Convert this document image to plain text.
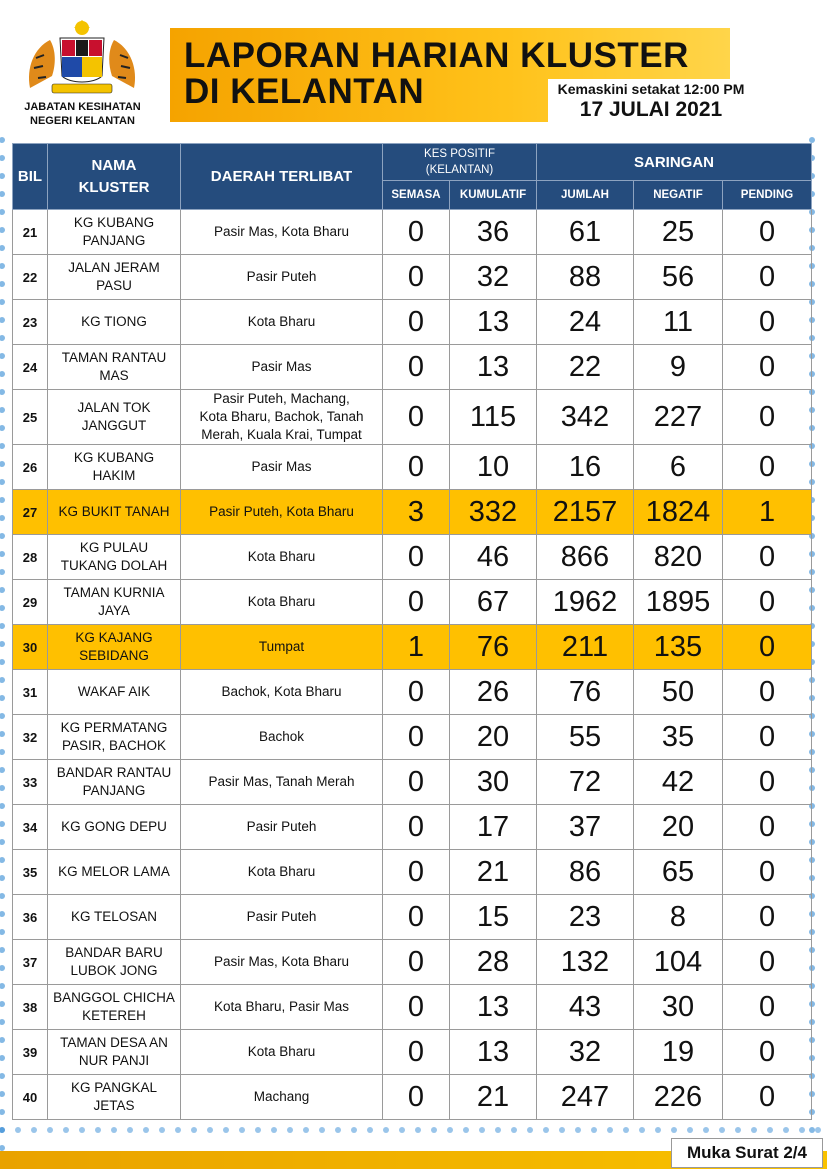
JABATAN KESIHATAN
NEGERI KELANTAN
LAPORAN HARIAN KLUSTER
DI KELANTAN	Kemaskini setakat 12:00 PM
17 JULAI 2021
BIL	NAMA
KLUSTER	DAERAH TERLIBAT	KES POSITIF
(KELANTAN)		SARINGAN		
			SEMASA	KUMULATIF	JUMLAH	NEGATIF	PENDING
21	KG KUBANG
PANJANG	Pasir Mas, Kota Bharu	0	36	61	25	0
22	JALAN JERAM
PASU	Pasir Puteh	0	32	88	56	0
23	KG TIONG	Kota Bharu	0	13	24	11	0
24	TAMAN RANTAU
MAS	Pasir Mas	0	13	22	9	0
25	JALAN TOK
JANGGUT	Pasir Puteh, Machang,
Kota Bharu, Bachok, Tanah
Merah, Kuala Krai, Tumpat	0	115	342	227	0
26	KG KUBANG
HAKIM	Pasir Mas	0	10	16	6	0
27	KG BUKIT TANAH	Pasir Puteh, Kota Bharu	3	332	2157	1824	1
28	KG PULAU
TUKANG DOLAH	Kota Bharu	0	46	866	820	0
29	TAMAN KURNIA
JAYA	Kota Bharu	0	67	1962	1895	0
30	KG KAJANG
SEBIDANG	Tumpat	1	76	211	135	0
31	WAKAF AIK	Bachok, Kota Bharu	0	26	76	50	0
32	KG PERMATANG
PASIR, BACHOK	Bachok	0	20	55	35	0
33	BANDAR RANTAU
PANJANG	Pasir Mas, Tanah Merah	0	30	72	42	0
34	KG GONG DEPU	Pasir Puteh	0	17	37	20	0
35	KG MELOR LAMA	Kota Bharu	0	21	86	65	0
36	KG TELOSAN	Pasir Puteh	0	15	23	8	0
37	BANDAR BARU
LUBOK JONG	Pasir Mas, Kota Bharu	0	28	132	104	0
38	BANGGOL CHICHA
KETEREH	Kota Bharu, Pasir Mas	0	13	43	30	0
39	TAMAN DESA AN
NUR PANJI	Kota Bharu	0	13	32	19	0
40	KG PANGKAL
JETAS	Machang	0	21	247	226	0
Muka Surat 2/4
